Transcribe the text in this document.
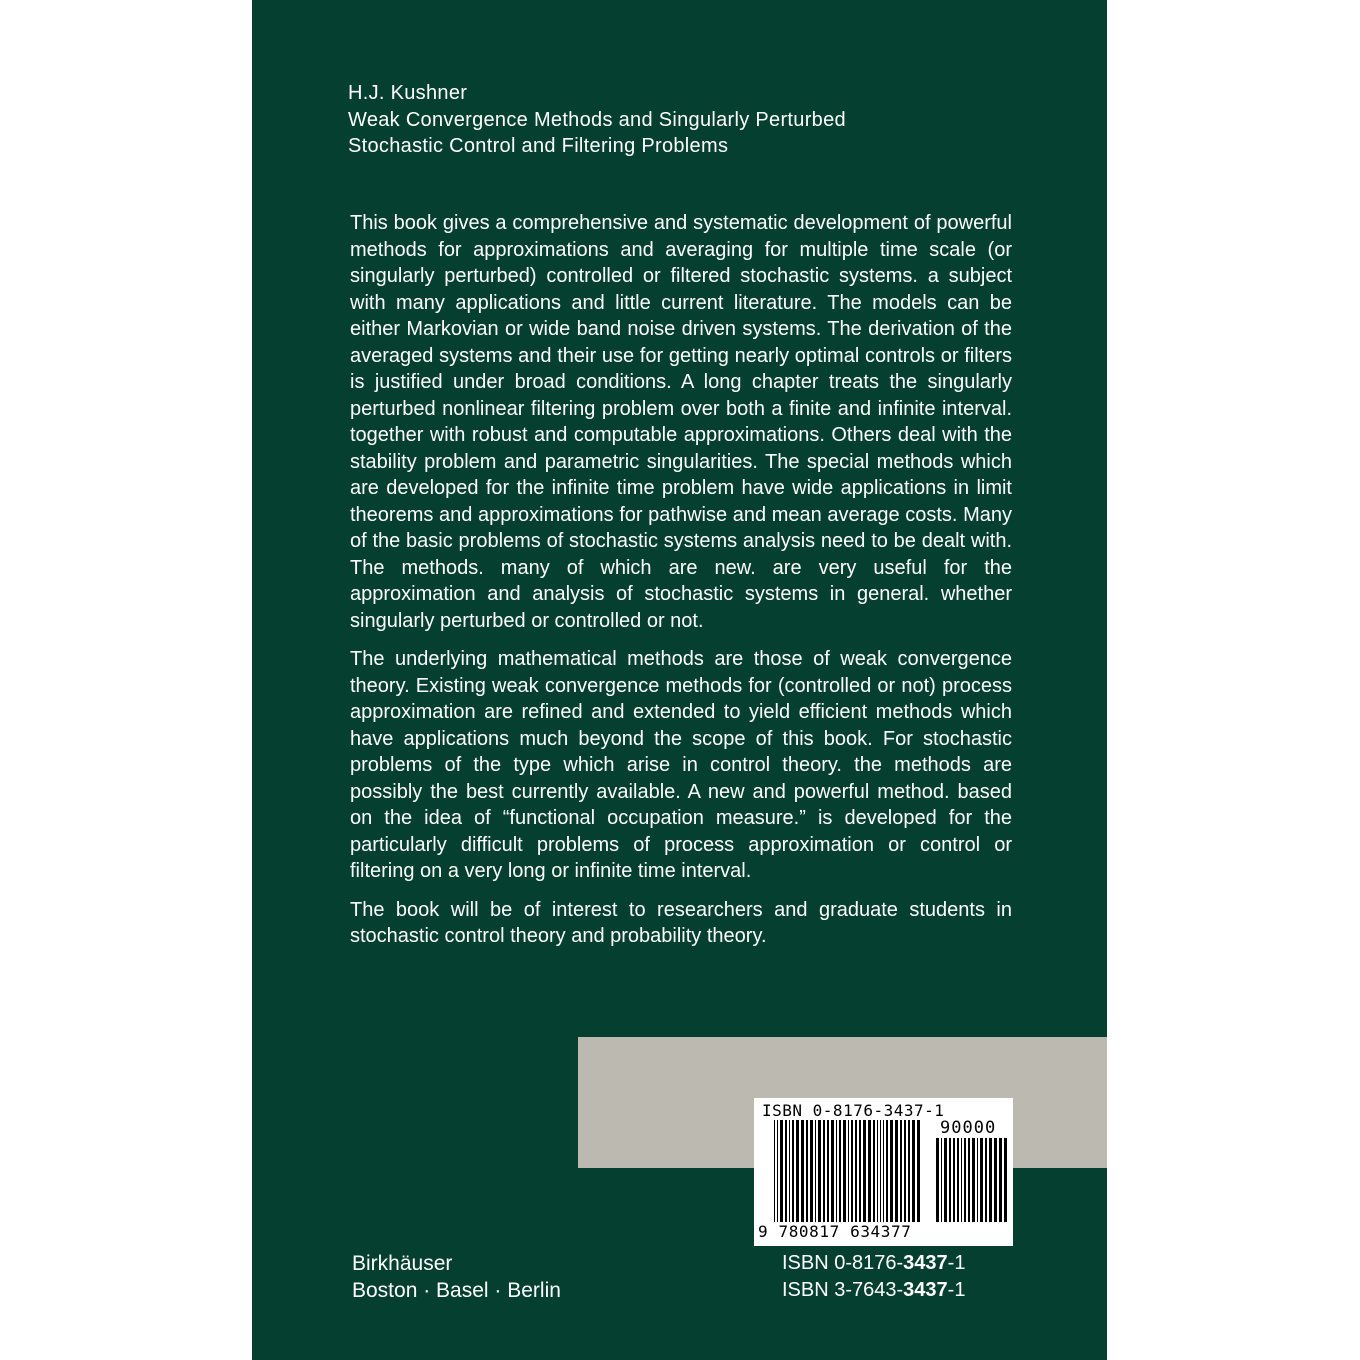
H.J. Kushner
Weak Convergence Methods and Singularly Perturbed
Stochastic Control and Filtering Problems

This book gives a comprehensive and systematic development of powerful methods for approximations and averaging for multiple time scale (or singularly perturbed) controlled or filtered stochastic systems. a subject with many applications and little current literature. The models can be either Markovian or wide band noise driven systems. The derivation of the averaged systems and their use for getting nearly optimal controls or filters is justified under broad conditions. A long chapter treats the singularly perturbed nonlinear filtering problem over both a finite and infinite interval. together with robust and computable approximations. Others deal with the stability problem and parametric singularities. The special methods which are developed for the infinite time problem have wide applications in limit theorems and approximations for pathwise and mean average costs. Many of the basic problems of stochastic systems analysis need to be dealt with. The methods. many of which are new. are very useful for the approximation and analysis of stochastic systems in general. whether singularly perturbed or controlled or not.

The underlying mathematical methods are those of weak convergence theory. Existing weak convergence methods for (controlled or not) process approximation are refined and extended to yield efficient methods which have applications much beyond the scope of this book. For stochastic problems of the type which arise in control theory. the methods are possibly the best currently available. A new and powerful method. based on the idea of “functional occupation measure.” is developed for the particularly difficult problems of process approximation or control or filtering on a very long or infinite time interval.

The book will be of interest to researchers and graduate students in stochastic control theory and probability theory.

ISBN 0-8176-3437-1
90000
9 780817 634377
Birkhäuser
Boston · Basel · Berlin
ISBN 0-8176-3437-1
ISBN 3-7643-3437-1
